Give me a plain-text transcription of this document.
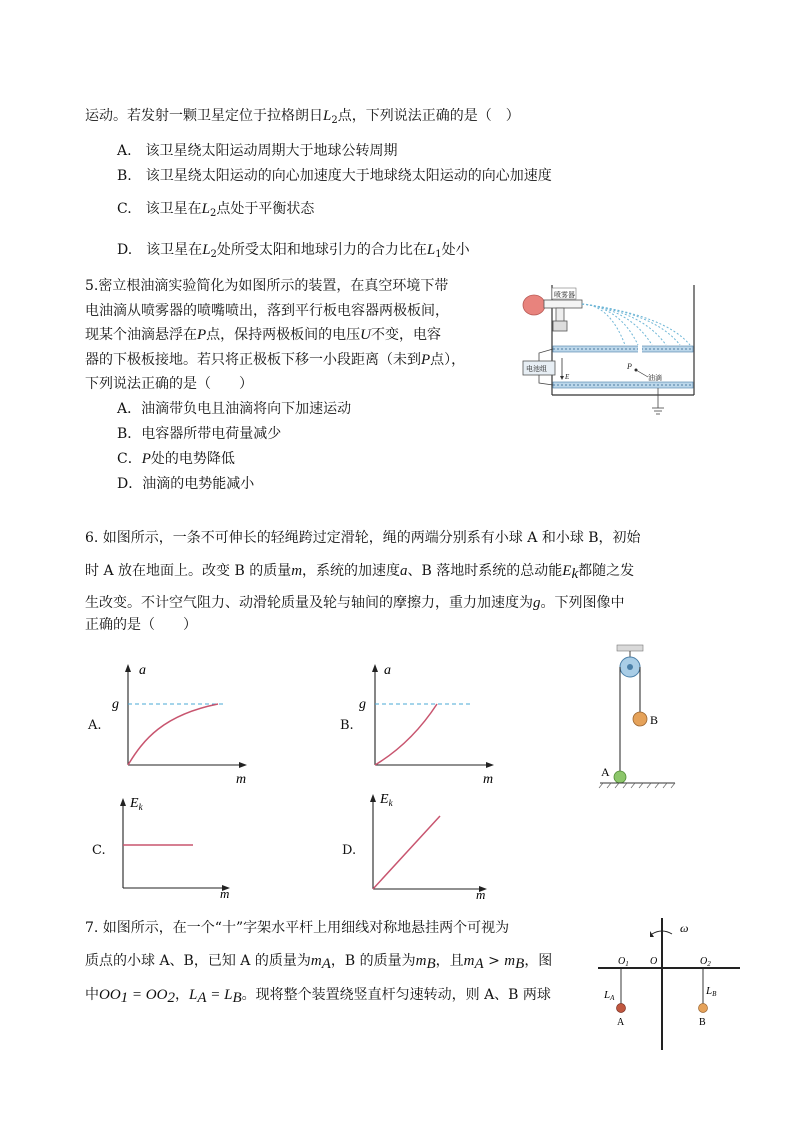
运动。若发射一颗卫星定位于拉格朗日$L_2$点，下列说法正确的是（　）
A.　该卫星绕太阳运动周期大于地球公转周期
B.　该卫星绕太阳运动的向心加速度大于地球绕太阳运动的向心加速度
C.　该卫星在$L_2$点处于平衡状态
D.　该卫星在$L_2$处所受太阳和地球引力的合力比在$L_1$处小
5.密立根油滴实验简化为如图所示的装置，在真空环境下带
电油滴从喷雾器的喷嘴喷出，落到平行板电容器两极板间，
现某个油滴悬浮在P点，保持两极板间的电压U不变，电容
器的下极板接地。若只将正极板下移一小段距离（未到P点），
下列说法正确的是（　　）
A．油滴带负电且油滴将向下加速运动
B．电容器所带电荷量减少
C．P处的电势降低
D．油滴的电势能减小
喷雾器
电池组
E
P
油滴
6. 如图所示，一条不可伸长的轻绳跨过定滑轮，绳的两端分别系有小球 A 和小球 B，初始
时 A 放在地面上。改变 B 的质量m，系统的加速度a、B 落地时系统的总动能$E_k$都随之发
生改变。不计空气阻力、动滑轮质量及轮与轴间的摩擦力，重力加速度为g。下列图像中
正确的是（　　）
A.
a
g
m
B.
a
g
m
C.
$E_k$
m
D.
$E_k$
m
B
A
7. 如图所示，在一个“十”字架水平杆上用细线对称地悬挂两个可视为
质点的小球 A、B，已知 A 的质量为$m_A$，B 的质量为$m_B$，且$m_A > m_B$，图
中$OO_1 = OO_2$，$L_A = L_B$。现将整个装置绕竖直杆匀速转动，则 A、B 两球
ω
$O_1$ O	$O_2$
LA
LB
A	B
